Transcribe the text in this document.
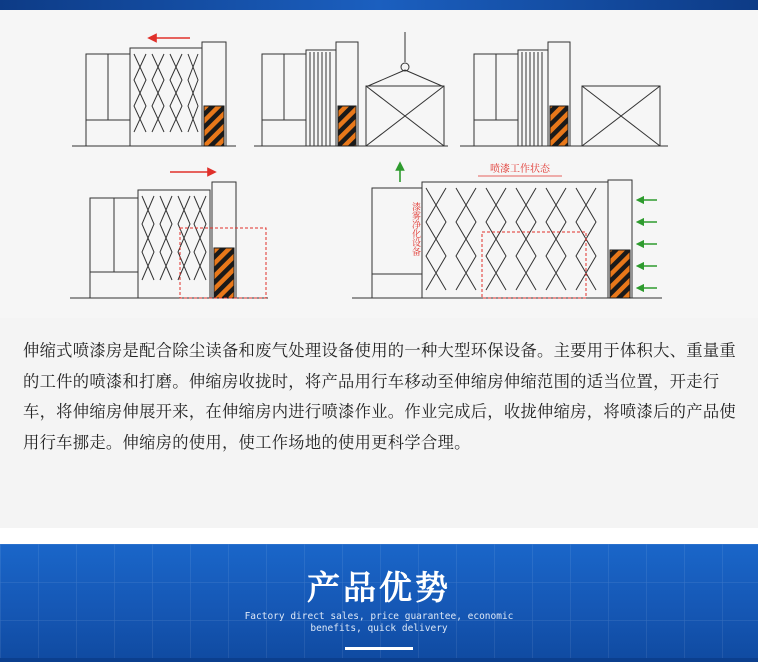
喷漆工作状态
漆雾净化设备

伸缩式喷漆房是配合除尘读备和废气处理设备使用的一种大型环保设备。主要用于体积大、重量重的工件的喷漆和打磨。伸缩房收拢时，将产品用行车移动至伸缩房伸缩范围的适当位置，开走行车，将伸缩房伸展开来，在伸缩房内进行喷漆作业。作业完成后，收拢伸缩房，将喷漆后的产品使用行车挪走。伸缩房的使用，使工作场地的使用更科学合理。

产品优势
Factory direct sales, price guarantee, economic benefits, quick delivery
